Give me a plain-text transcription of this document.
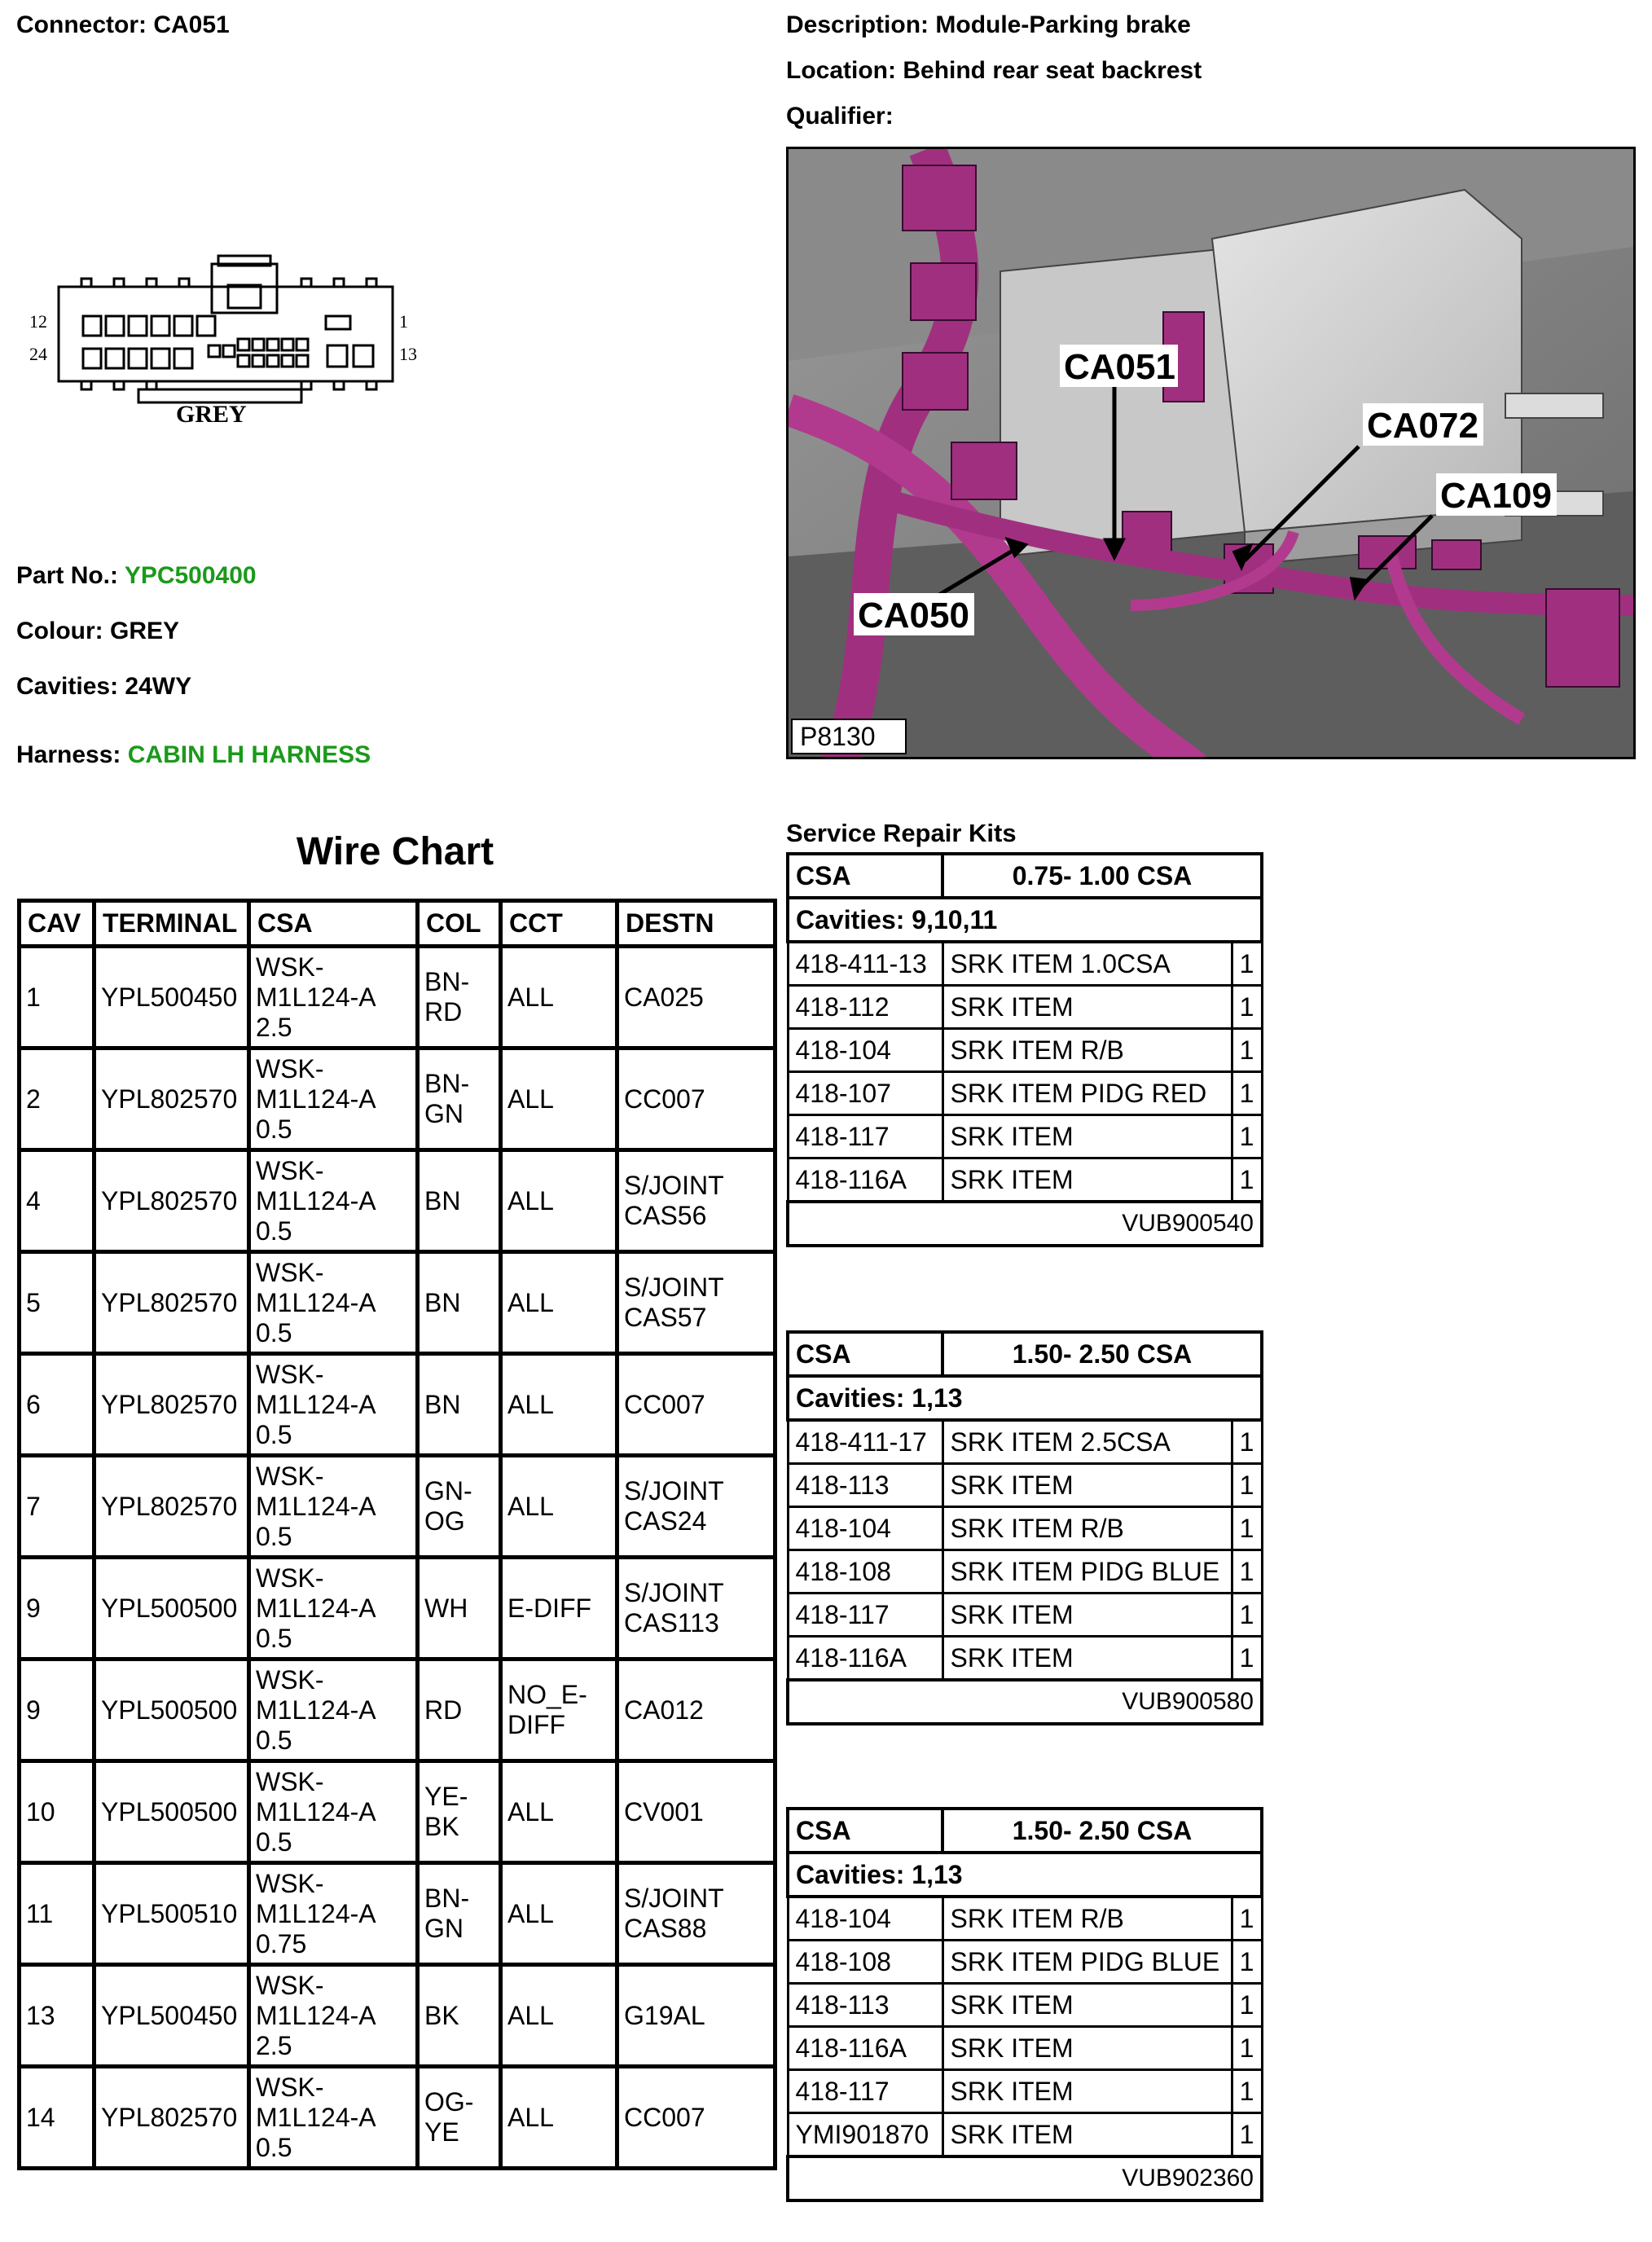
Connector: CA051	Description: Module-Parking brake
Location: Behind rear seat backrest
Qualifier:
12
24
1
13
GREY
Part No.: YPC500400
Colour: GREY
Cavities: 24WY
Harness: CABIN LH HARNESS
CA051
CA072
CA109
CA050
P8130
Wire Chart
CAV	TERMINAL	CSA	COL	CCT	DESTN
1	YPL500450	WSK-
M1L124-A
2.5	BN-
RD	ALL	CA025
2	YPL802570	WSK-
M1L124-A
0.5	BN-
GN	ALL	CC007
4	YPL802570	WSK-
M1L124-A
0.5	BN	ALL	S/JOINT
CAS56
5	YPL802570	WSK-
M1L124-A
0.5	BN	ALL	S/JOINT
CAS57
6	YPL802570	WSK-
M1L124-A
0.5	BN	ALL	CC007
7	YPL802570	WSK-
M1L124-A
0.5	GN-
OG	ALL	S/JOINT
CAS24
9	YPL500500	WSK-
M1L124-A
0.5	WH	E-DIFF	S/JOINT
CAS113
9	YPL500500	WSK-
M1L124-A
0.5	RD	NO_E-
DIFF	CA012
10	YPL500500	WSK-
M1L124-A
0.5	YE-
BK	ALL	CV001
11	YPL500510	WSK-
M1L124-A
0.75	BN-
GN	ALL	S/JOINT
CAS88
13	YPL500450	WSK-
M1L124-A
2.5	BK	ALL	G19AL
14	YPL802570	WSK-
M1L124-A
0.5	OG-
YE	ALL	CC007
Service Repair Kits
CSA	0.75- 1.00 CSA	
Cavities: 9,10,11		
418-411-13	SRK ITEM 1.0CSA	1
418-112	SRK ITEM	1
418-104	SRK ITEM R/B	1
418-107	SRK ITEM PIDG RED	1
418-117	SRK ITEM	1
418-116A	SRK ITEM	1
VUB900540		
CSA	1.50- 2.50 CSA	
Cavities: 1,13		
418-411-17	SRK ITEM 2.5CSA	1
418-113	SRK ITEM	1
418-104	SRK ITEM R/B	1
418-108	SRK ITEM PIDG BLUE	1
418-117	SRK ITEM	1
418-116A	SRK ITEM	1
VUB900580		
CSA	1.50- 2.50 CSA	
Cavities: 1,13		
418-104	SRK ITEM R/B	1
418-108	SRK ITEM PIDG BLUE	1
418-113	SRK ITEM	1
418-116A	SRK ITEM	1
418-117	SRK ITEM	1
YMI901870	SRK ITEM	1
VUB902360		
